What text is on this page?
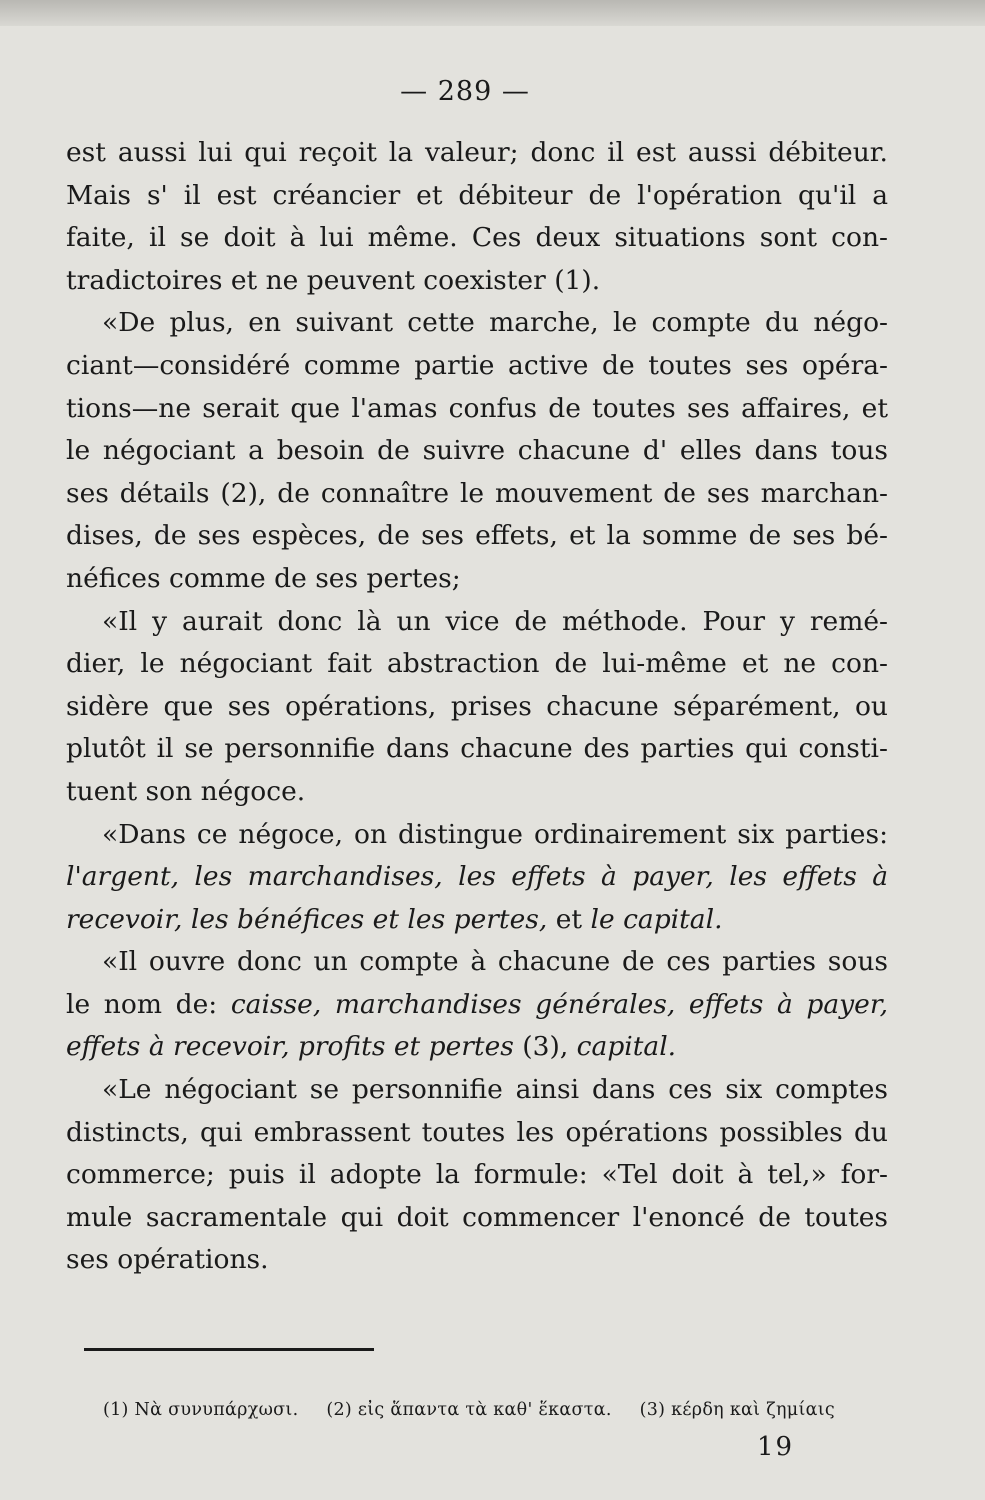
— 289 —
est aussi lui qui reçoit la valeur; donc il est aussi débiteur.
Mais s' il est créancier et débiteur de l'opération qu'il a
faite, il se doit à lui même. Ces deux situations sont con-
tradictoires et ne peuvent coexister (1).
«De plus, en suivant cette marche, le compte du négo-
ciant—considéré comme partie active de toutes ses opéra-
tions—ne serait que l'amas confus de toutes ses affaires, et
le négociant a besoin de suivre chacune d' elles dans tous
ses détails (2), de connaître le mouvement de ses marchan-
dises, de ses espèces, de ses effets, et la somme de ses bé-
néfices comme de ses pertes;
«Il y aurait donc là un vice de méthode. Pour y remé-
dier, le négociant fait abstraction de lui-même et ne con-
sidère que ses opérations, prises chacune séparément, ou
plutôt il se personnifie dans chacune des parties qui consti-
tuent son négoce.
«Dans ce négoce, on distingue ordinairement six parties:
l'argent, les marchandises, les effets à payer, les effets à
recevoir, les bénéfices et les pertes, et le capital.
«Il ouvre donc un compte à chacune de ces parties sous
le nom de: caisse, marchandises générales, effets à payer,
effets à recevoir, profits et pertes (3), capital.
«Le négociant se personnifie ainsi dans ces six comptes
distincts, qui embrassent toutes les opérations possibles du
commerce; puis il adopte la formule: «Tel doit à tel,» for-
mule sacramentale qui doit commencer l'enoncé de toutes
ses opérations.
(1) Νὰ συνυπάρχωσι. (2) εἰς ἅπαντα τὰ καθ' ἕκαστα. (3) κέρδη καὶ ζημίαις
19
